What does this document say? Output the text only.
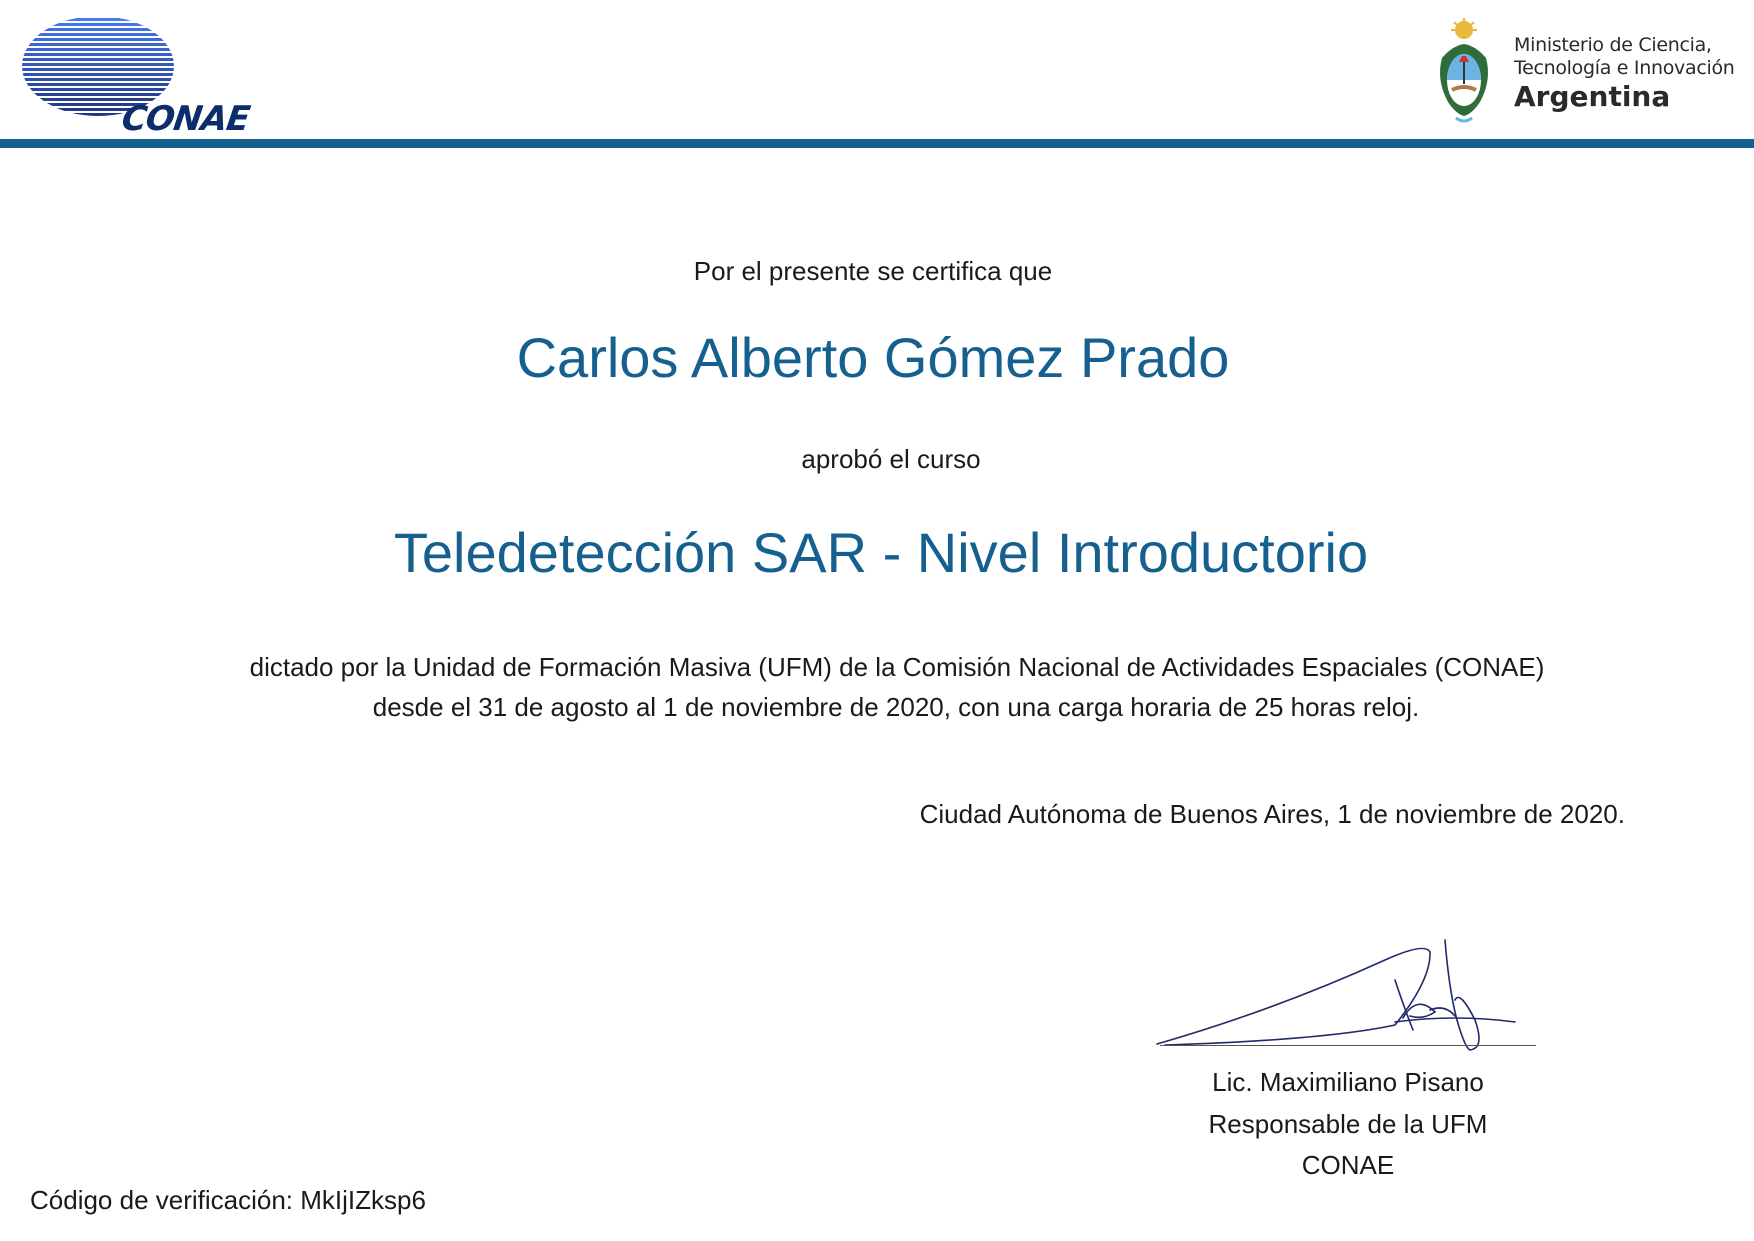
CONAE
Ministerio de Ciencia,
Tecnología e Innovación
Argentina
Por el presente se certifica que
Carlos Alberto Gómez Prado
aprobó el curso
Teledetección SAR - Nivel Introductorio
dictado por la Unidad de Formación Masiva (UFM) de la Comisión Nacional de Actividades Espaciales (CONAE)
desde el 31 de agosto al 1 de noviembre de 2020, con una carga horaria de 25 horas reloj.
Ciudad Autónoma de Buenos Aires, 1 de noviembre de 2020.
Lic. Maximiliano Pisano
Responsable de la UFM
CONAE
Código de verificación: MkIjIZksp6
